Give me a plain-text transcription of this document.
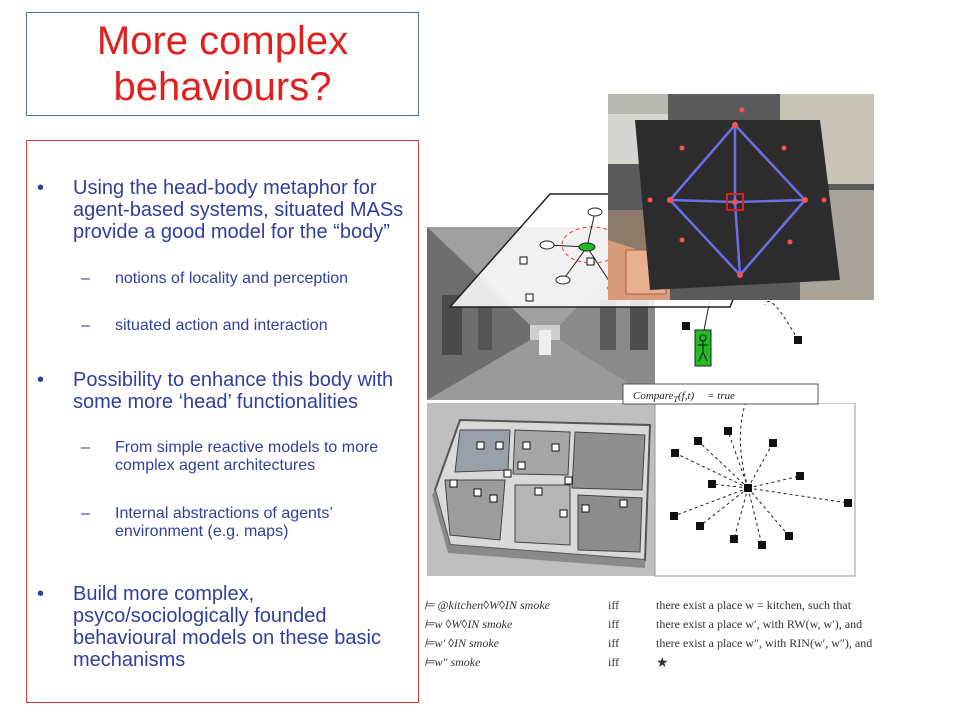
More complex behaviours?
• Using the head-body metaphor for agent-based systems, situated MASs provide a good model for the “body”
– notions of locality and perception
– situated action and interaction
• Possibility to enhance this body with some more ‘head’ functionalities
– From simple reactive models to more complex agent architectures
– Internal abstractions of agents’ environment (e.g. maps)
• Build more complex, psyco/sociologically founded behavioural models on these basic mechanisms
Compare$_T$(f,t) = true
⊨ @kitchen◊W◊IN smoke	iff	there exist a place w = kitchen, such that
⊨w ◊W◊IN smoke	iff	there exist a place w′, with RW(w, w′), and
⊨w′ ◊IN smoke	iff	there exist a place w″, with RIN(w′, w″), and
⊨w″ smoke	iff	★
